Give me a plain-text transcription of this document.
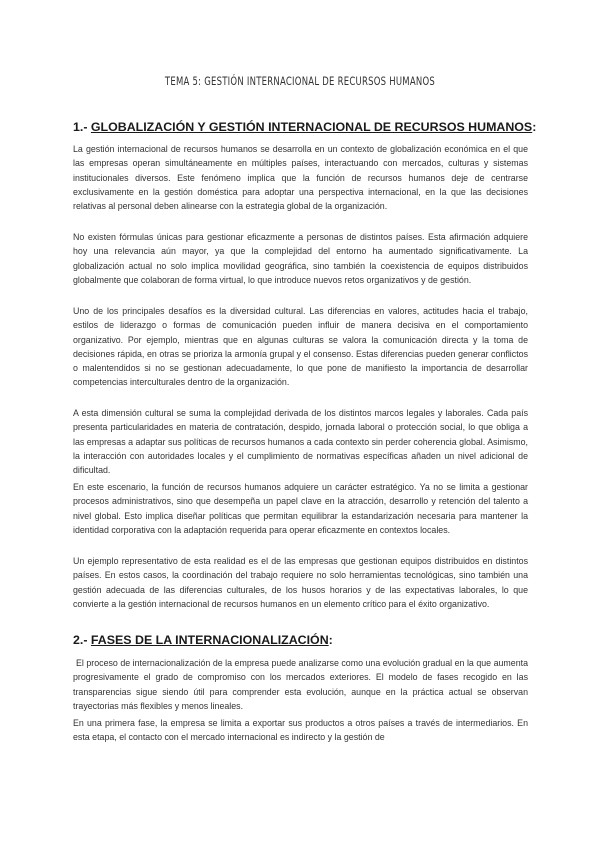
TEMA 5: GESTIÓN INTERNACIONAL DE RECURSOS HUMANOS
1.- GLOBALIZACIÓN Y GESTIÓN INTERNACIONAL DE RECURSOS HUMANOS:

La gestión internacional de recursos humanos se desarrolla en un contexto de globalización económica en el que las empresas operan simultáneamente en múltiples países, interactuando con mercados, culturas y sistemas institucionales diversos. Este fenómeno implica que la función de recursos humanos deje de centrarse exclusivamente en la gestión doméstica para adoptar una perspectiva internacional, en la que las decisiones relativas al personal deben alinearse con la estrategia global de la organización.

No existen fórmulas únicas para gestionar eficazmente a personas de distintos países. Esta afirmación adquiere hoy una relevancia aún mayor, ya que la complejidad del entorno ha aumentado significativamente. La globalización actual no solo implica movilidad geográfica, sino también la coexistencia de equipos distribuidos globalmente que colaboran de forma virtual, lo que introduce nuevos retos organizativos y de gestión.

Uno de los principales desafíos es la diversidad cultural. Las diferencias en valores, actitudes hacia el trabajo, estilos de liderazgo o formas de comunicación pueden influir de manera decisiva en el comportamiento organizativo. Por ejemplo, mientras que en algunas culturas se valora la comunicación directa y la toma de decisiones rápida, en otras se prioriza la armonía grupal y el consenso. Estas diferencias pueden generar conflictos o malentendidos si no se gestionan adecuadamente, lo que pone de manifiesto la importancia de desarrollar competencias interculturales dentro de la organización.

A esta dimensión cultural se suma la complejidad derivada de los distintos marcos legales y laborales. Cada país presenta particularidades en materia de contratación, despido, jornada laboral o protección social, lo que obliga a las empresas a adaptar sus políticas de recursos humanos a cada contexto sin perder coherencia global. Asimismo, la interacción con autoridades locales y el cumplimiento de normativas específicas añaden un nivel adicional de dificultad.

En este escenario, la función de recursos humanos adquiere un carácter estratégico. Ya no se limita a gestionar procesos administrativos, sino que desempeña un papel clave en la atracción, desarrollo y retención del talento a nivel global. Esto implica diseñar políticas que permitan equilibrar la estandarización necesaria para mantener la identidad corporativa con la adaptación requerida para operar eficazmente en contextos locales.

Un ejemplo representativo de esta realidad es el de las empresas que gestionan equipos distribuidos en distintos países. En estos casos, la coordinación del trabajo requiere no solo herramientas tecnológicas, sino también una gestión adecuada de las diferencias culturales, de los husos horarios y de las expectativas laborales, lo que convierte a la gestión internacional de recursos humanos en un elemento crítico para el éxito organizativo.

2.- FASES DE LA INTERNACIONALIZACIÓN:

El proceso de internacionalización de la empresa puede analizarse como una evolución gradual en la que aumenta progresivamente el grado de compromiso con los mercados exteriores. El modelo de fases recogido en las transparencias sigue siendo útil para comprender esta evolución, aunque en la práctica actual se observan trayectorias más flexibles y menos lineales.

En una primera fase, la empresa se limita a exportar sus productos a otros países a través de intermediarios. En esta etapa, el contacto con el mercado internacional es indirecto y la gestión de
